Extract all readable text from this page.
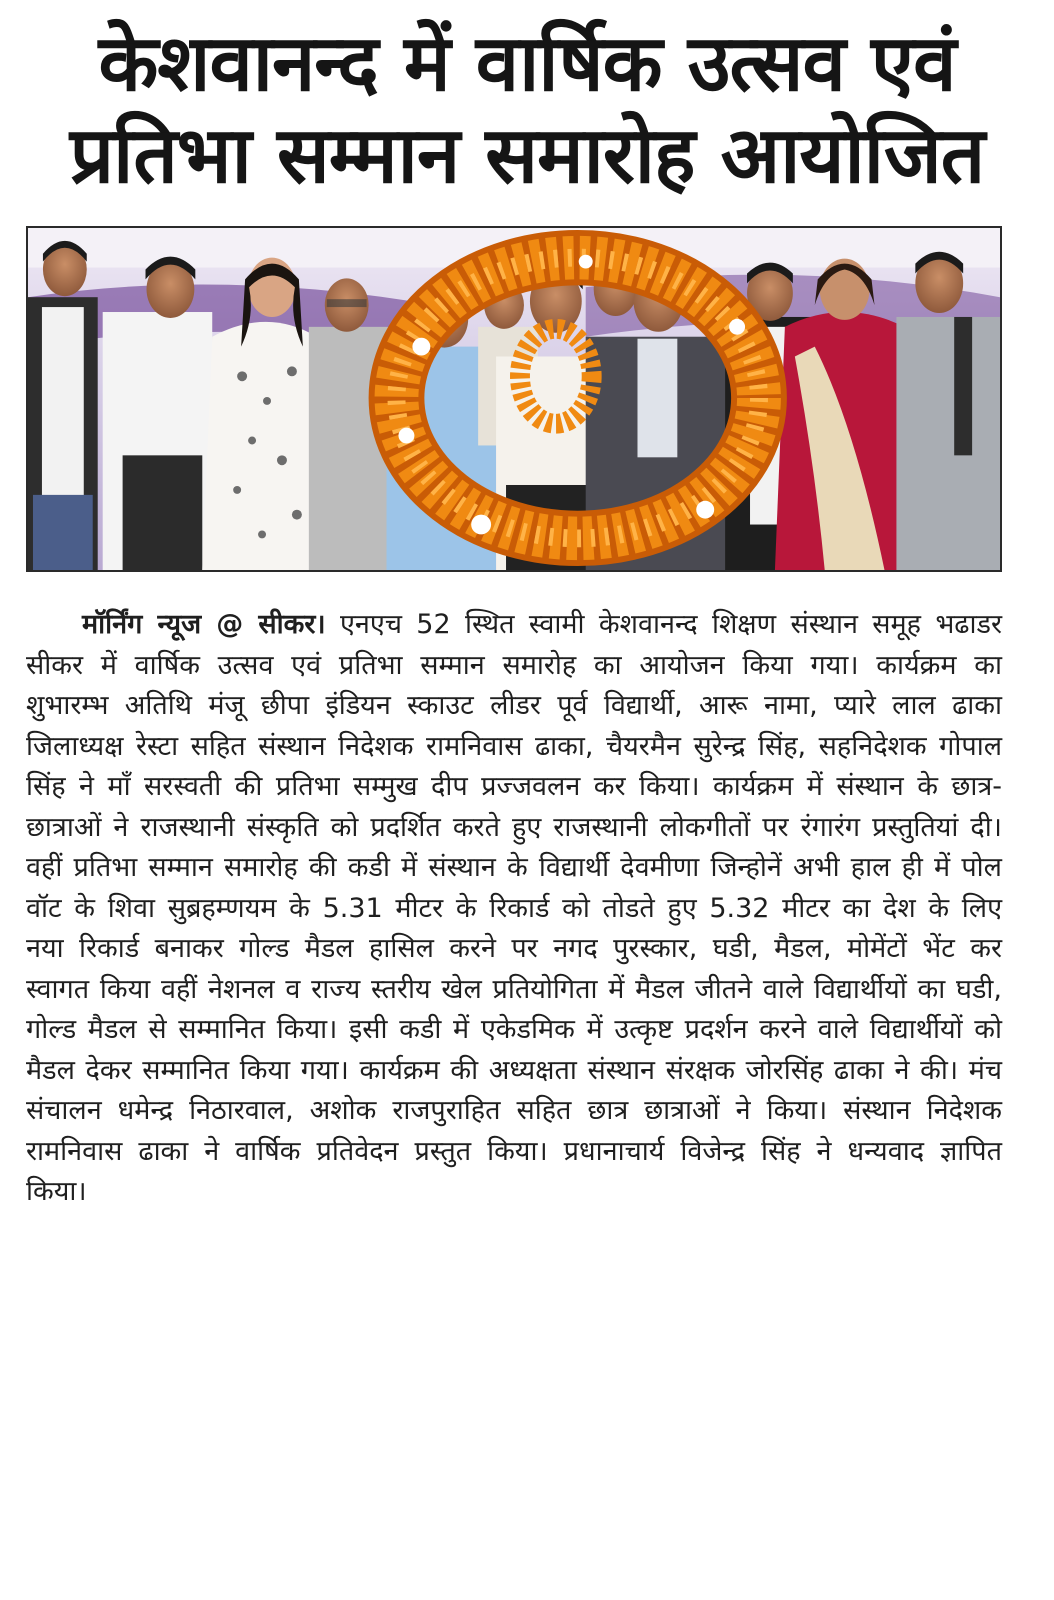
केशवानन्द में वार्षिक उत्सव एवं
प्रतिभा सम्मान समारोह आयोजित

मॉर्निंग न्यूज @ सीकर। एनएच 52 स्थित स्वामी केशवानन्द शिक्षण संस्थान समूह भढाडर सीकर में वार्षिक उत्सव एवं प्रतिभा सम्मान समारोह का आयोजन किया गया। कार्यक्रम का शुभारम्भ अतिथि मंजू छीपा इंडियन स्काउट लीडर पूर्व विद्यार्थी, आरू नामा, प्यारे लाल ढाका जिलाध्यक्ष रेस्टा सहित संस्थान निदेशक रामनिवास ढाका, चैयरमैन सुरेन्द्र सिंह, सहनिदेशक गोपाल सिंह ने माँ सरस्वती की प्रतिभा सम्मुख दीप प्रज्जवलन कर किया। कार्यक्रम में संस्थान के छात्र-छात्राओं ने राजस्थानी संस्कृति को प्रदर्शित करते हुए राजस्थानी लोकगीतों पर रंगारंग प्रस्तुतियां दी। वहीं प्रतिभा सम्मान समारोह की कडी में संस्थान के विद्यार्थी देवमीणा जिन्होनें अभी हाल ही में पोल वॉट के शिवा सुब्रहम्णयम के 5.31 मीटर के रिकार्ड को तोडते हुए 5.32 मीटर का देश के लिए नया रिकार्ड बनाकर गोल्ड मैडल हासिल करने पर नगद पुरस्कार, घडी, मैडल, मोमेंटों भेंट कर स्वागत किया वहीं नेशनल व राज्य स्तरीय खेल प्रतियोगिता में मैडल जीतने वाले विद्यार्थीयों का घडी, गोल्ड मैडल से सम्मानित किया। इसी कडी में एकेडमिक में उत्कृष्ट प्रदर्शन करने वाले विद्यार्थीयों को मैडल देकर सम्मानित किया गया। कार्यक्रम की अध्यक्षता संस्थान संरक्षक जोरसिंह ढाका ने की। मंच संचालन धमेन्द्र निठारवाल, अशोक राजपुराहित सहित छात्र छात्राओं ने किया। संस्थान निदेशक रामनिवास ढाका ने वार्षिक प्रतिवेदन प्रस्तुत किया। प्रधानाचार्य विजेन्द्र सिंह ने धन्यवाद ज्ञापित किया।
